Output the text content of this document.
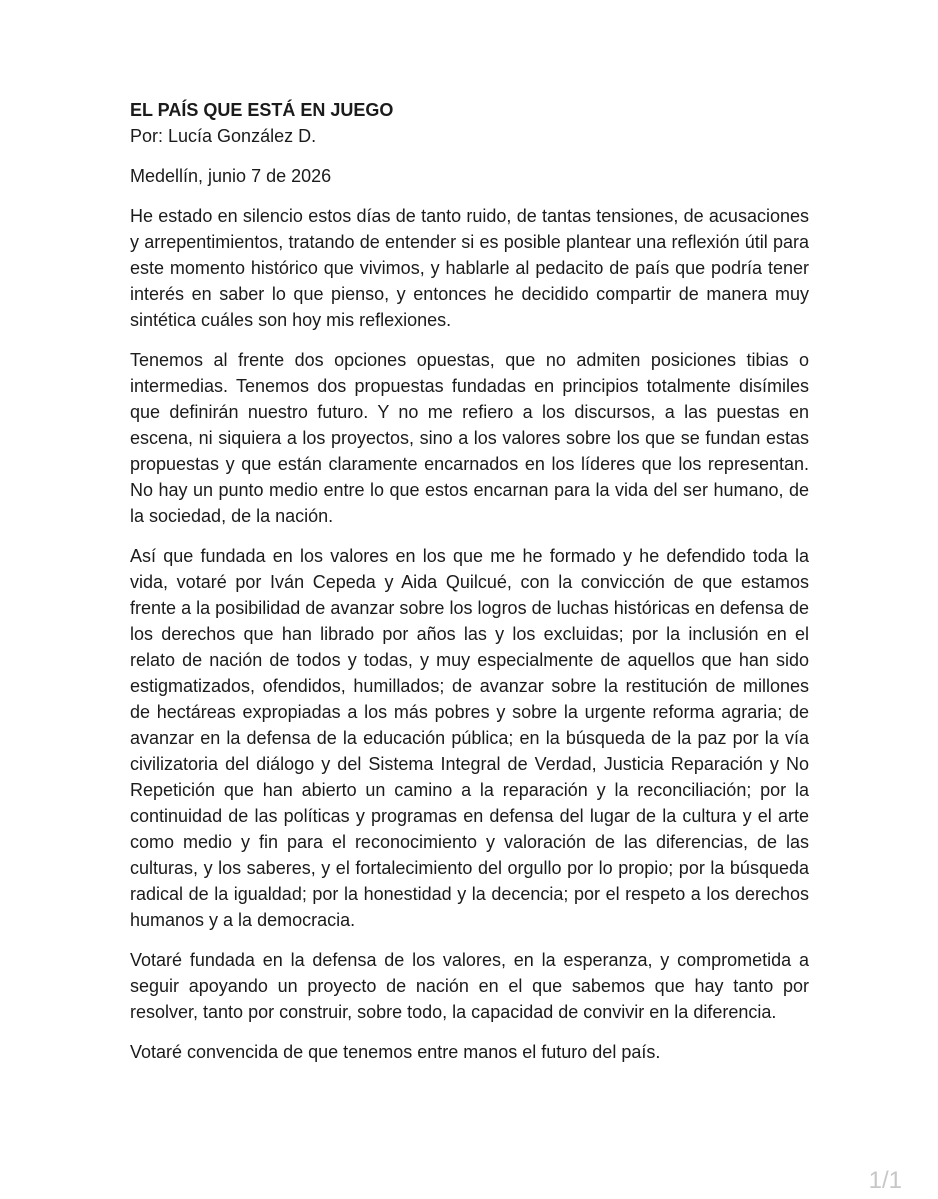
EL PAÍS QUE ESTÁ EN JUEGO

Por: Lucía González D.

Medellín, junio 7 de 2026

He estado en silencio estos días de tanto ruido, de tantas tensiones, de acusaciones y arrepentimientos, tratando de entender si es posible plantear una reflexión útil para este momento histórico que vivimos, y hablarle al pedacito de país que podría tener interés en saber lo que pienso, y entonces he decidido compartir de manera muy sintética cuáles son hoy mis reflexiones.

Tenemos al frente dos opciones opuestas, que no admiten posiciones tibias o intermedias. Tenemos dos propuestas fundadas en principios totalmente disímiles que definirán nuestro futuro. Y no me refiero a los discursos, a las puestas en escena, ni siquiera a los proyectos, sino a los valores sobre los que se fundan estas propuestas y que están claramente encarnados en los líderes que los representan. No hay un punto medio entre lo que estos encarnan para la vida del ser humano, de la sociedad, de la nación.

Así que fundada en los valores en los que me he formado y he defendido toda la vida, votaré por Iván Cepeda y Aida Quilcué, con la convicción de que estamos frente a la posibilidad de avanzar sobre los logros de luchas históricas en defensa de los derechos que han librado por años las y los excluidas; por la inclusión en el relato de nación de todos y todas, y muy especialmente de aquellos que han sido estigmatizados, ofendidos, humillados; de avanzar sobre la restitución de millones de hectáreas expropiadas a los más pobres y sobre la urgente reforma agraria; de avanzar en la defensa de la educación pública; en la búsqueda de la paz por la vía civilizatoria del diálogo y del Sistema Integral de Verdad, Justicia Reparación y No Repetición que han abierto un camino a la reparación y la reconciliación; por la continuidad de las políticas y programas en defensa del lugar de la cultura y el arte como medio y fin para el reconocimiento y valoración de las diferencias, de las culturas, y los saberes, y el fortalecimiento del orgullo por lo propio; por la búsqueda radical de la igualdad; por la honestidad y la decencia; por el respeto a los derechos humanos y a la democracia.

Votaré fundada en la defensa de los valores, en la esperanza, y comprometida a seguir apoyando un proyecto de nación en el que sabemos que hay tanto por resolver, tanto por construir, sobre todo, la capacidad de convivir en la diferencia.

Votaré convencida de que tenemos entre manos el futuro del país.

1/1
